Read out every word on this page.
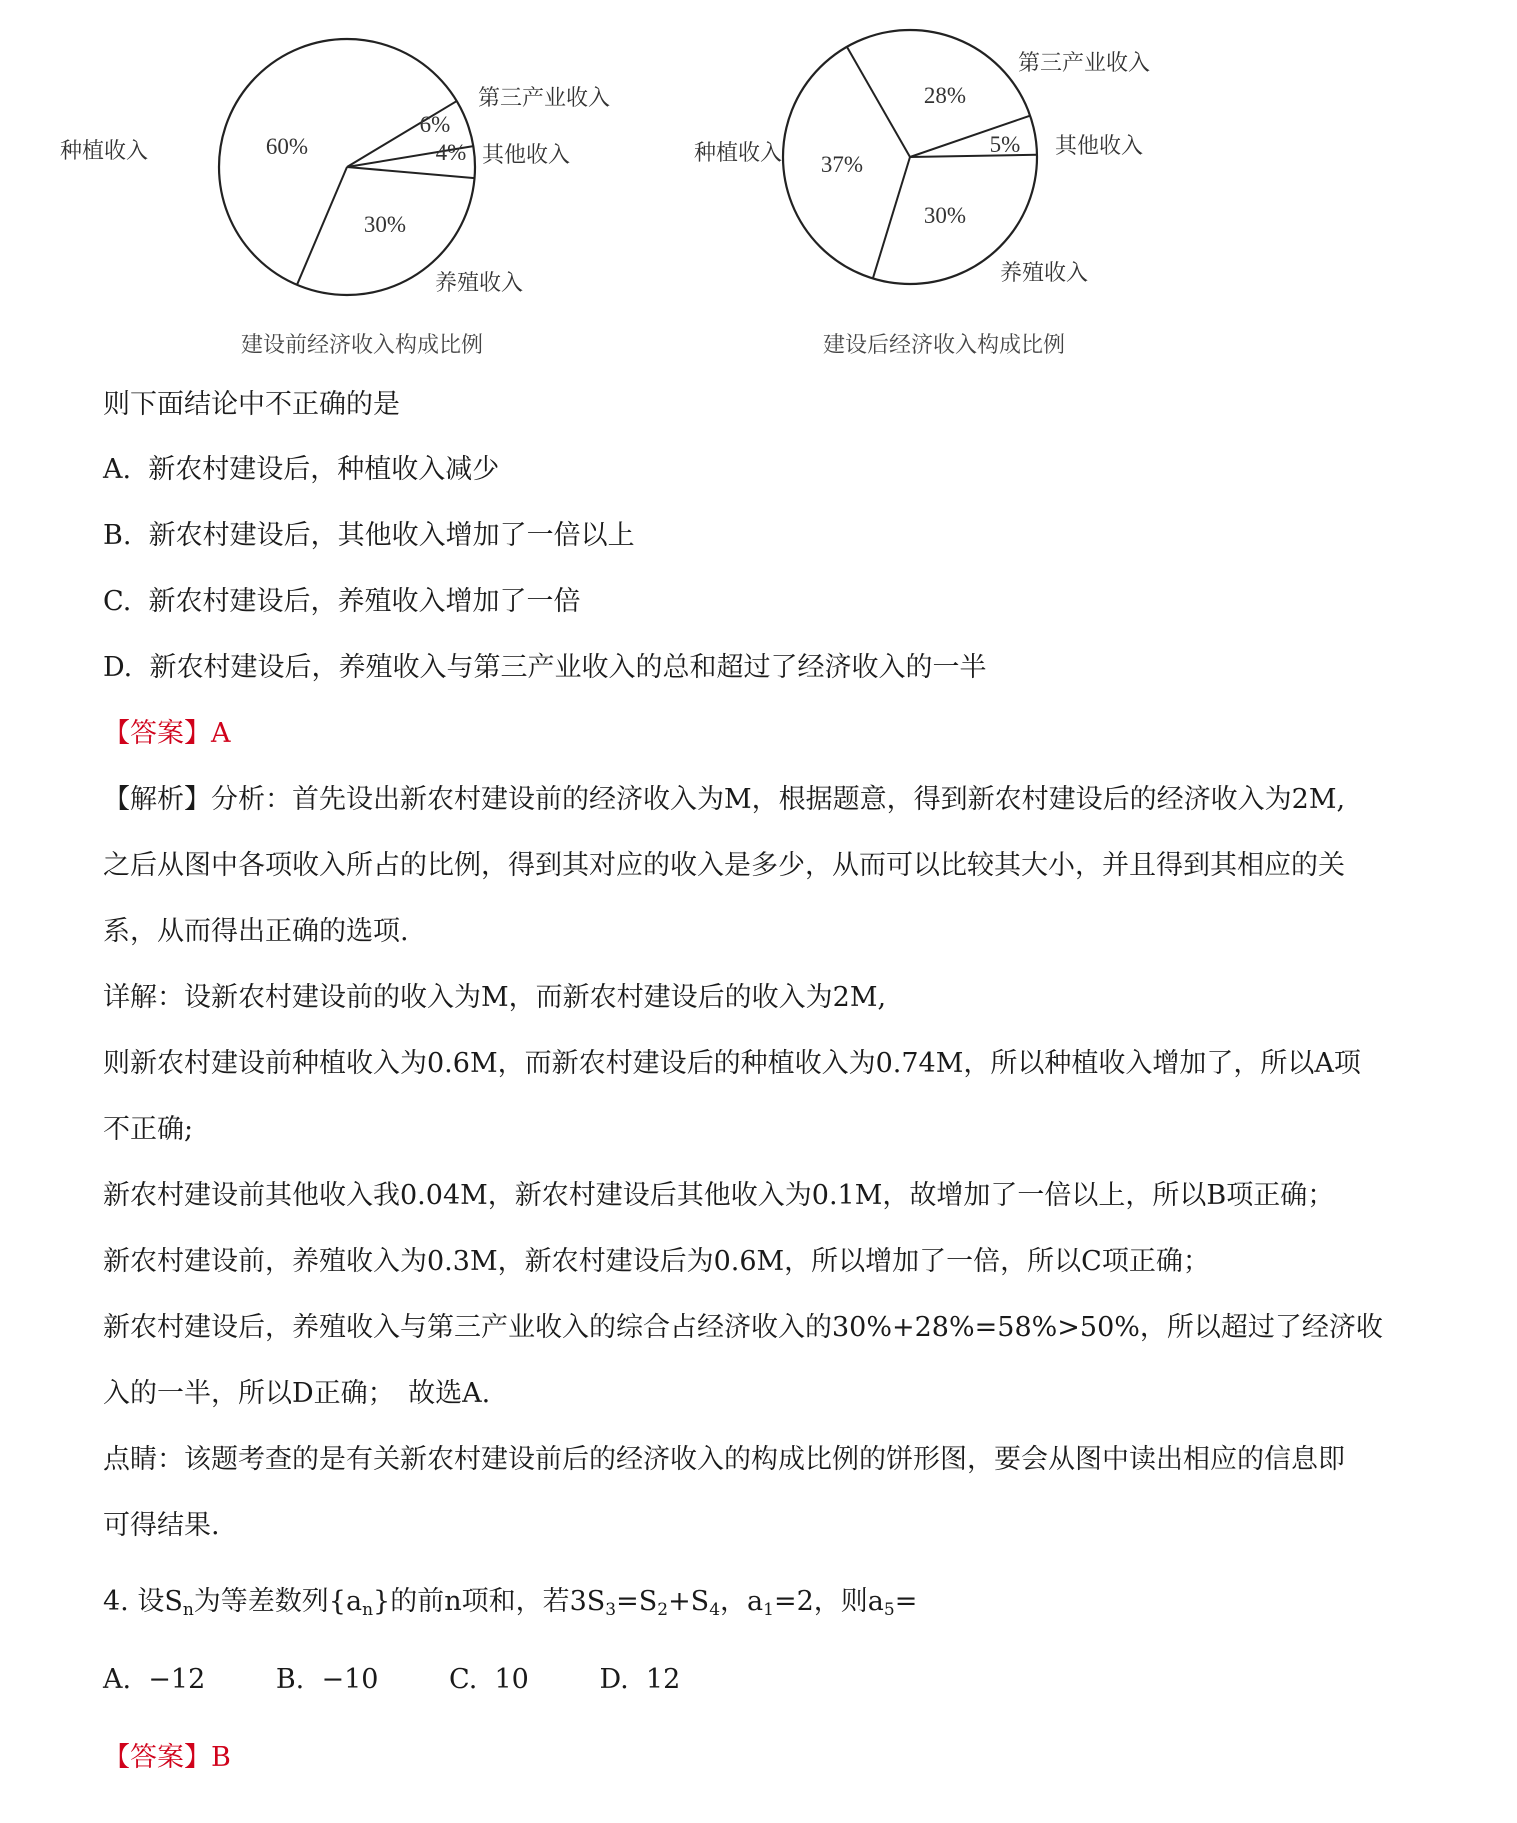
60%
6%
4%
30%
种植收入
第三产业收入
其他收入
养殖收入
建设前经济收入构成比例
37%
28%
5%
30%
种植收入
第三产业收入
其他收入
养殖收入
建设后经济收入构成比例
则下面结论中不正确的是
A. 新农村建设后，种植收入减少
B. 新农村建设后，其他收入增加了一倍以上
C. 新农村建设后，养殖收入增加了一倍
D. 新农村建设后，养殖收入与第三产业收入的总和超过了经济收入的一半
【答案】A
【解析】分析：首先设出新农村建设前的经济收入为M，根据题意，得到新农村建设后的经济收入为2M,
之后从图中各项收入所占的比例，得到其对应的收入是多少，从而可以比较其大小，并且得到其相应的关
系，从而得出正确的选项.
详解：设新农村建设前的收入为M，而新农村建设后的收入为2M,
则新农村建设前种植收入为0.6M，而新农村建设后的种植收入为0.74M，所以种植收入增加了，所以A项
不正确;
新农村建设前其他收入我0.04M，新农村建设后其他收入为0.1M，故增加了一倍以上，所以B项正确；
新农村建设前，养殖收入为0.3M，新农村建设后为0.6M，所以增加了一倍，所以C项正确；
新农村建设后，养殖收入与第三产业收入的综合占经济收入的30%+28%=58%>50%，所以超过了经济收
入的一半，所以D正确；　故选A.
点睛：该题考查的是有关新农村建设前后的经济收入的构成比例的饼形图，要会从图中读出相应的信息即
可得结果.
4. 设$S_n$为等差数列$\{a_n\}$的前n项和，若$3S_3=S_2+S_4$，$a_1=2$，则$a_5=$
A. −12	B. −10	C. 10	D. 12
【答案】B
